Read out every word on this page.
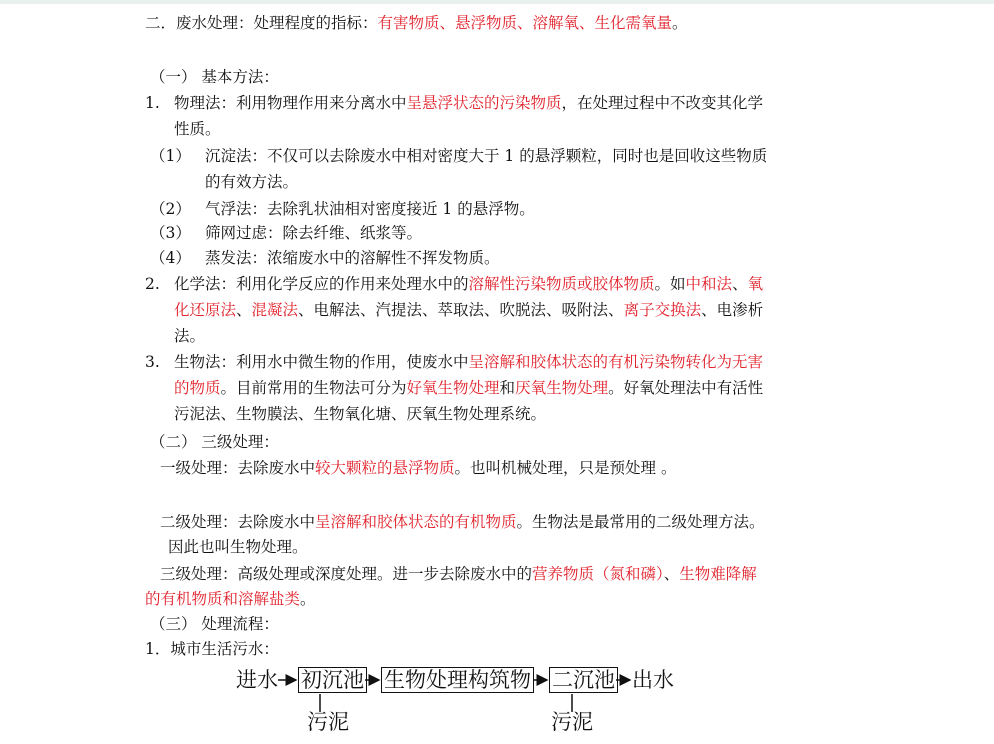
二．废水处理：处理程度的指标：有害物质、悬浮物质、溶解氧、生化需氧量。
（一） 基本方法：
1. 物理法：利用物理作用来分离水中呈悬浮状态的污染物质，在处理过程中不改变其化学
性质。
（1） 沉淀法：不仅可以去除废水中相对密度大于 1 的悬浮颗粒，同时也是回收这些物质
的有效方法。
（2） 气浮法：去除乳状油相对密度接近 1 的悬浮物。
（3） 筛网过虑：除去纤维、纸浆等。
（4） 蒸发法：浓缩废水中的溶解性不挥发物质。
2. 化学法：利用化学反应的作用来处理水中的溶解性污染物质或胶体物质。如中和法、氧
化还原法、混凝法、电解法、汽提法、萃取法、吹脱法、吸附法、离子交换法、电渗析
法。
3. 生物法：利用水中微生物的作用，使废水中呈溶解和胶体状态的有机污染物转化为无害
的物质。目前常用的生物法可分为好氧生物处理和厌氧生物处理。好氧处理法中有活性
污泥法、生物膜法、生物氧化塘、厌氧生物处理系统。
（二） 三级处理：
一级处理：去除废水中较大颗粒的悬浮物质。也叫机械处理，只是预处理 。
二级处理：去除废水中呈溶解和胶体状态的有机物质。生物法是最常用的二级处理方法。
因此也叫生物处理。
三级处理：高级处理或深度处理。进一步去除废水中的营养物质（氮和磷）、生物难降解
的有机物质和溶解盐类。
（三） 处理流程：
1．城市生活污水：
进水 初沉池 生物处理构筑物 二沉池 出水
污泥	污泥
